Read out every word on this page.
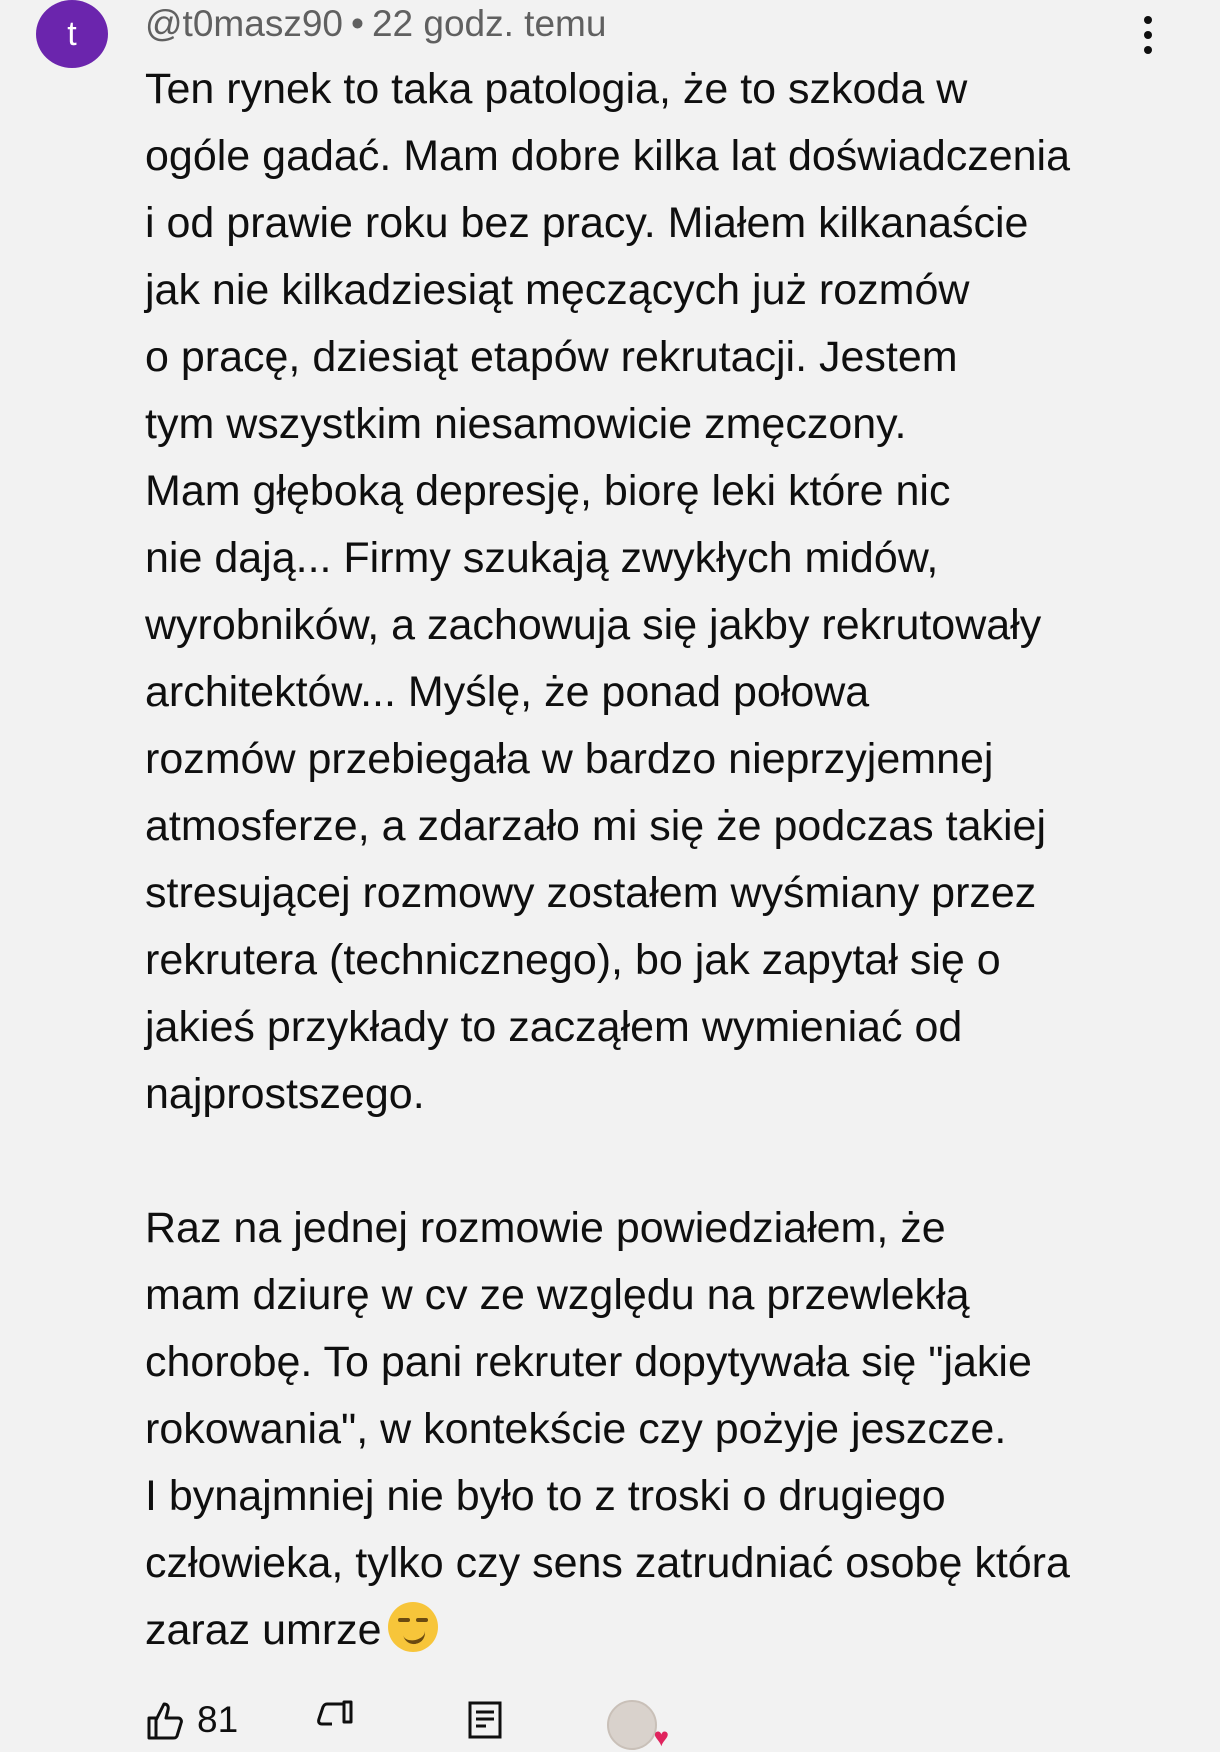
t @t0masz90 • 22 godz. temu
Ten rynek to taka patologia, że to szkoda w
ogóle gadać. Mam dobre kilka lat doświadczenia
i od prawie roku bez pracy. Miałem kilkanaście
jak nie kilkadziesiąt męczących już rozmów
o pracę, dziesiąt etapów rekrutacji. Jestem
tym wszystkim niesamowicie zmęczony.
Mam głęboką depresję, biorę leki które nic
nie dają... Firmy szukają zwykłych midów,
wyrobników, a zachowuja się jakby rekrutowały
architektów... Myślę, że ponad połowa
rozmów przebiegała w bardzo nieprzyjemnej
atmosferze, a zdarzało mi się że podczas takiej
stresującej rozmowy zostałem wyśmiany przez
rekrutera (technicznego), bo jak zapytał się o
jakieś przykłady to zacząłem wymieniać od
najprostszego.
Raz na jednej rozmowie powiedziałem, że
mam dziurę w cv ze względu na przewlekłą
chorobę. To pani rekruter dopytywała się "jakie
rokowania", w kontekście czy pożyje jeszcze.
I bynajmniej nie było to z troski o drugiego
człowieka, tylko czy sens zatrudniać osobę która
zaraz umrze
81	♥
